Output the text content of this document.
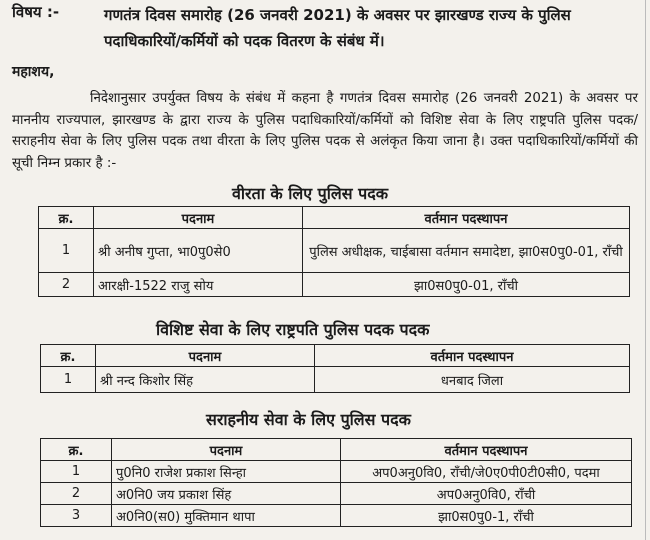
विषय :-	गणतंत्र दिवस समारोह (26 जनवरी 2021) के अवसर पर झारखण्ड राज्य के पुलिस पदाधिकारियों/कर्मियों को पदक वितरण के संबंध में।
महाशय,
निदेशानुसार उपर्युक्त विषय के संबंध में कहना है गणतंत्र दिवस समारोह (26 जनवरी 2021) के अवसर पर माननीय राज्यपाल, झारखण्ड के द्वारा राज्य के पुलिस पदाधिकारियों/कर्मियों को विशिष्ट सेवा के लिए राष्ट्रपति पुलिस पदक/सराहनीय सेवा के लिए पुलिस पदक तथा वीरता के लिए पुलिस पदक से अलंकृत किया जाना है। उक्त पदाधिकारियों/कर्मियों की सूची निम्न प्रकार है :-
वीरता के लिए पुलिस पदक
क्र.	पदनाम	वर्तमान पदस्थापन
1	श्री अनीष गुप्ता, भा0पु0से0	पुलिस अधीक्षक, चाईबासा वर्तमान समादेष्टा, झा0स0पु0-01, राँची
2	आरक्षी-1522 राजु सोय	झा0स0पु0-01, राँची
विशिष्ट सेवा के लिए राष्ट्रपति पुलिस पदक पदक
क्र.	पदनाम	वर्तमान पदस्थापन
1	श्री नन्द किशोर सिंह	धनबाद जिला
सराहनीय सेवा के लिए पुलिस पदक
क्र.	पदनाम	वर्तमान पदस्थापन
1	पु0नि0 राजेश प्रकाश सिन्हा	अप0अनु0वि0, राँची/जे0ए0पी0टी0सी0, पदमा
2	अ0नि0 जय प्रकाश सिंह	अप0अनु0वि0, राँची
3	अ0नि0(स0) मुक्तिमान थापा	झा0स0पु0-1, राँची
